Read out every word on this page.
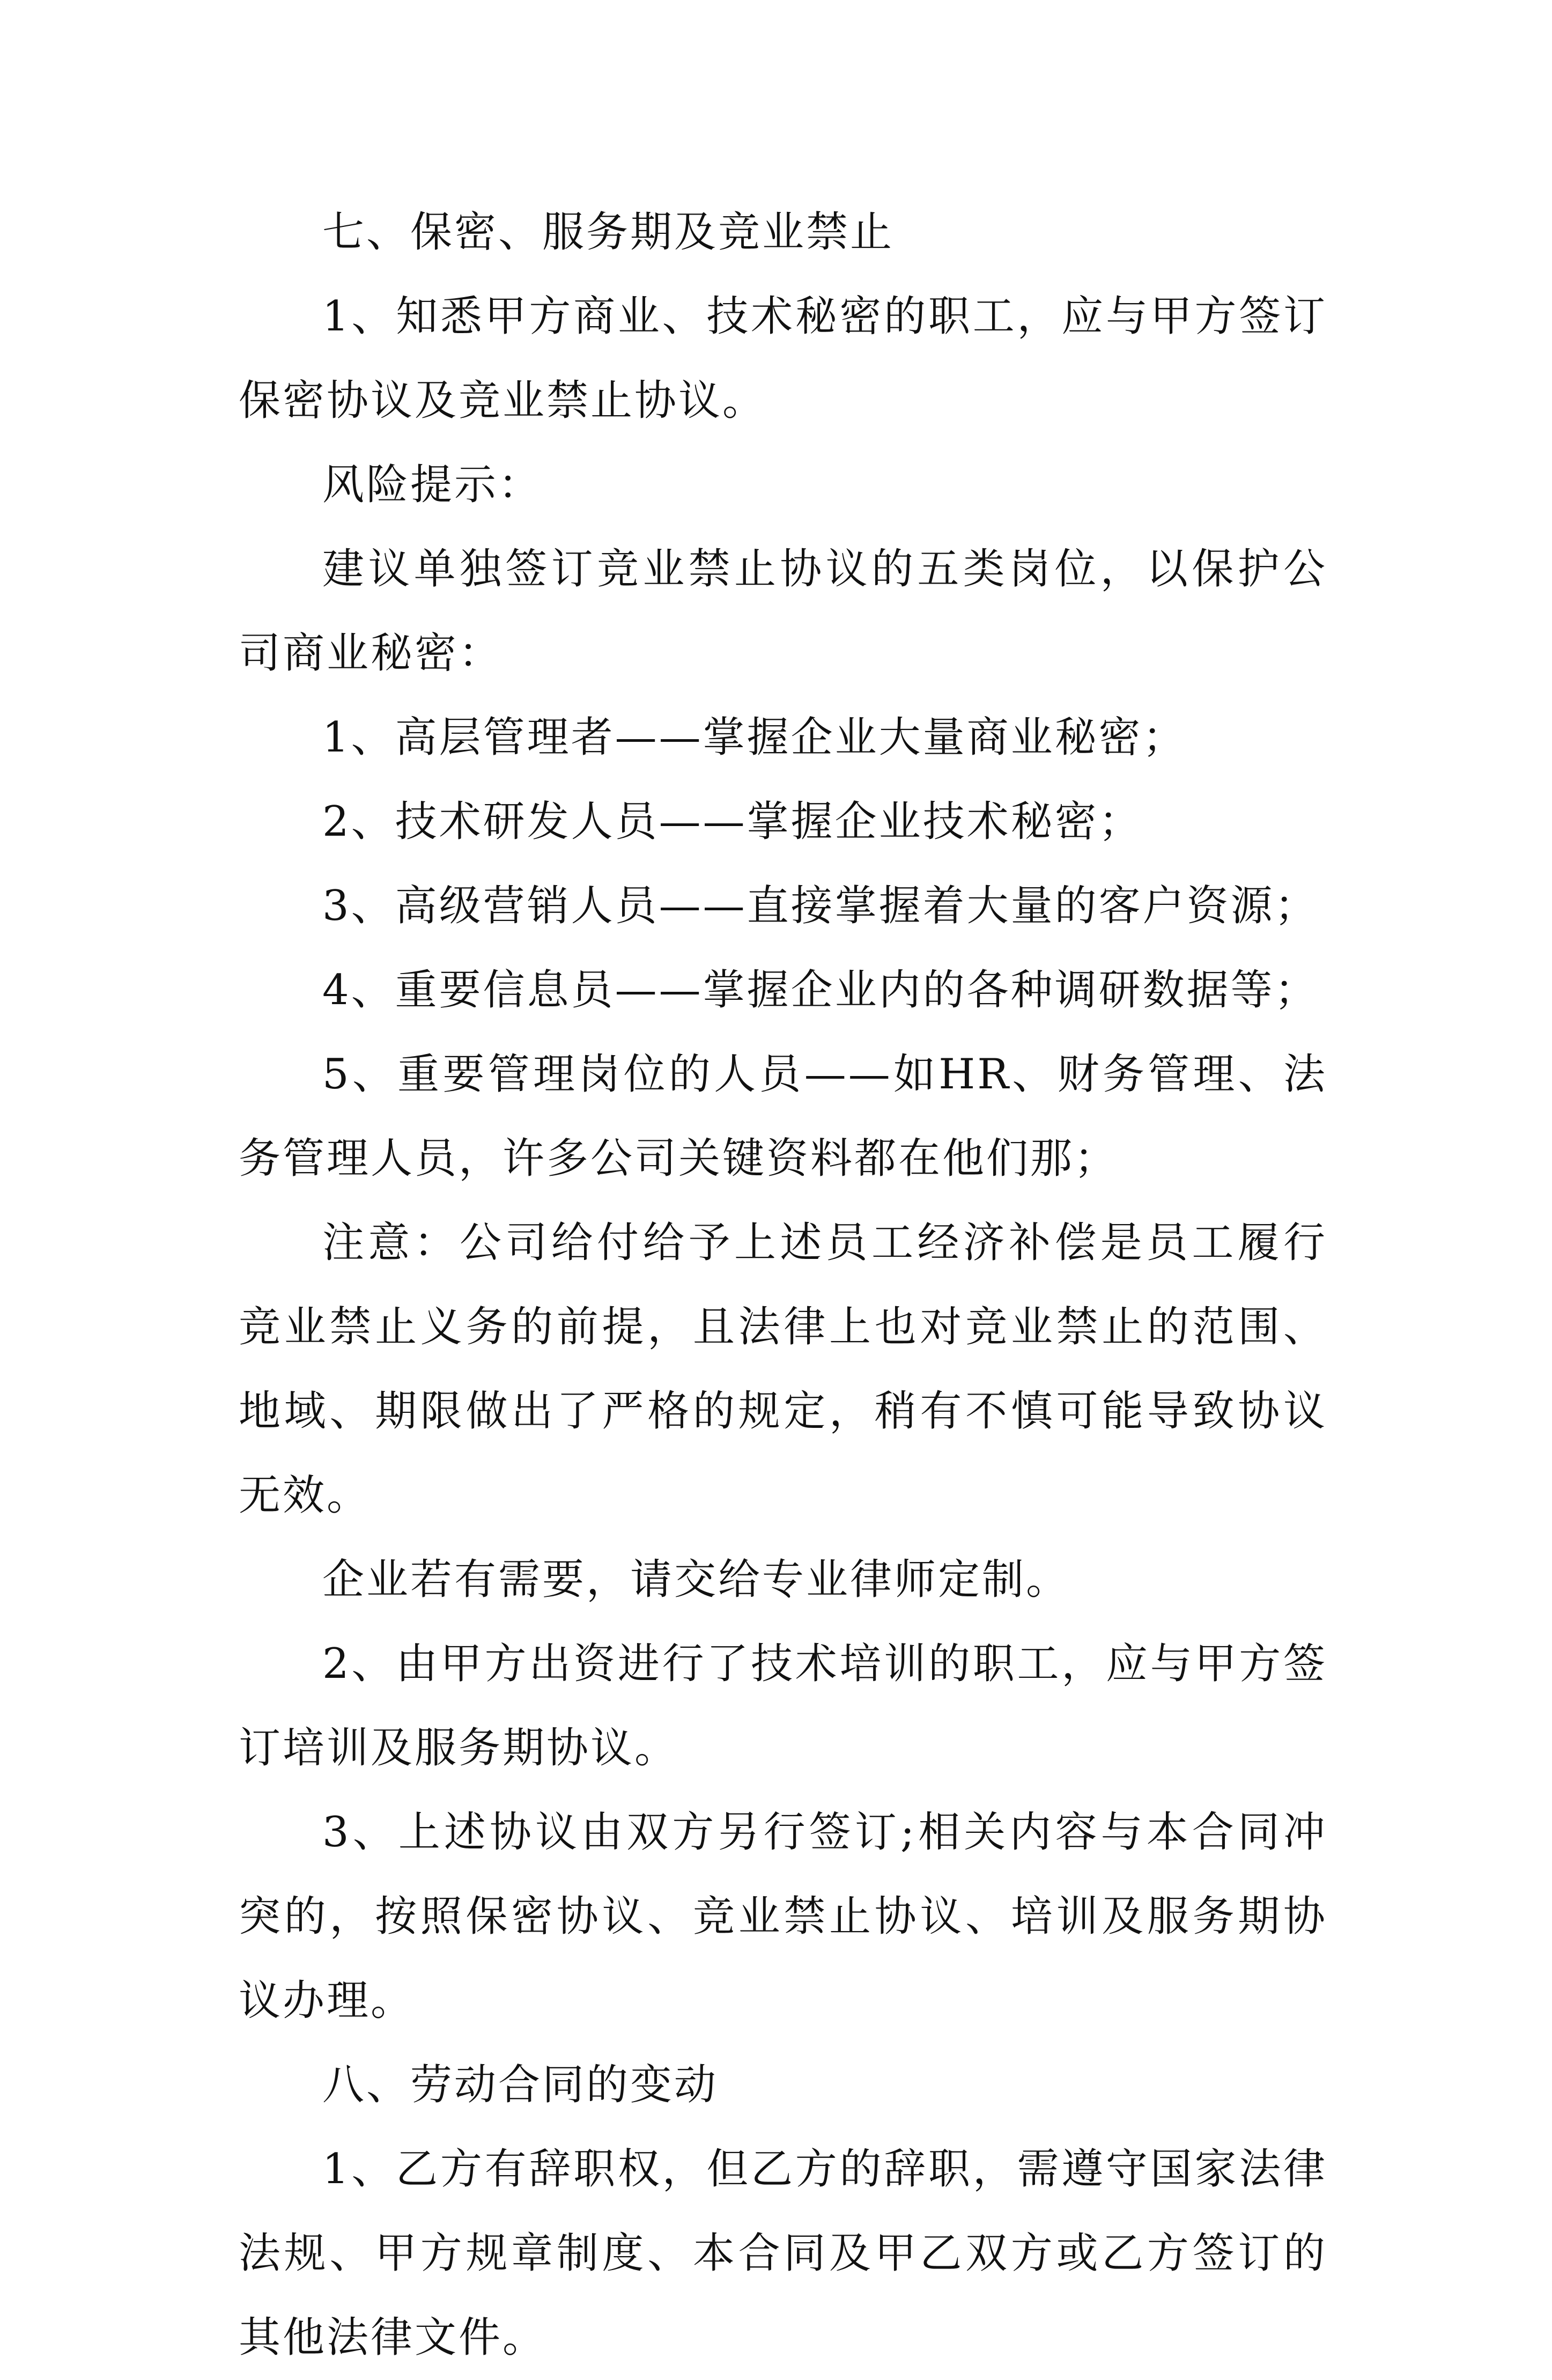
七、保密、服务期及竞业禁止

1、知悉甲方商业、技术秘密的职工，应与甲方签订保密协议及竞业禁止协议。

风险提示：

建议单独签订竞业禁止协议的五类岗位，以保护公司商业秘密：

1、高层管理者——掌握企业大量商业秘密；

2、技术研发人员——掌握企业技术秘密；

3、高级营销人员——直接掌握着大量的客户资源；

4、重要信息员——掌握企业内的各种调研数据等；

5、重要管理岗位的人员——如HR、财务管理、法务管理人员，许多公司关键资料都在他们那；

注意：公司给付给予上述员工经济补偿是员工履行竞业禁止义务的前提，且法律上也对竞业禁止的范围、地域、期限做出了严格的规定，稍有不慎可能导致协议无效。

企业若有需要，请交给专业律师定制。

2、由甲方出资进行了技术培训的职工，应与甲方签订培训及服务期协议。

3、上述协议由双方另行签订;相关内容与本合同冲突的，按照保密协议、竞业禁止协议、培训及服务期协议办理。

八、劳动合同的变动

1、乙方有辞职权，但乙方的辞职，需遵守国家法律法规、甲方规章制度、本合同及甲乙双方或乙方签订的其他法律文件。
